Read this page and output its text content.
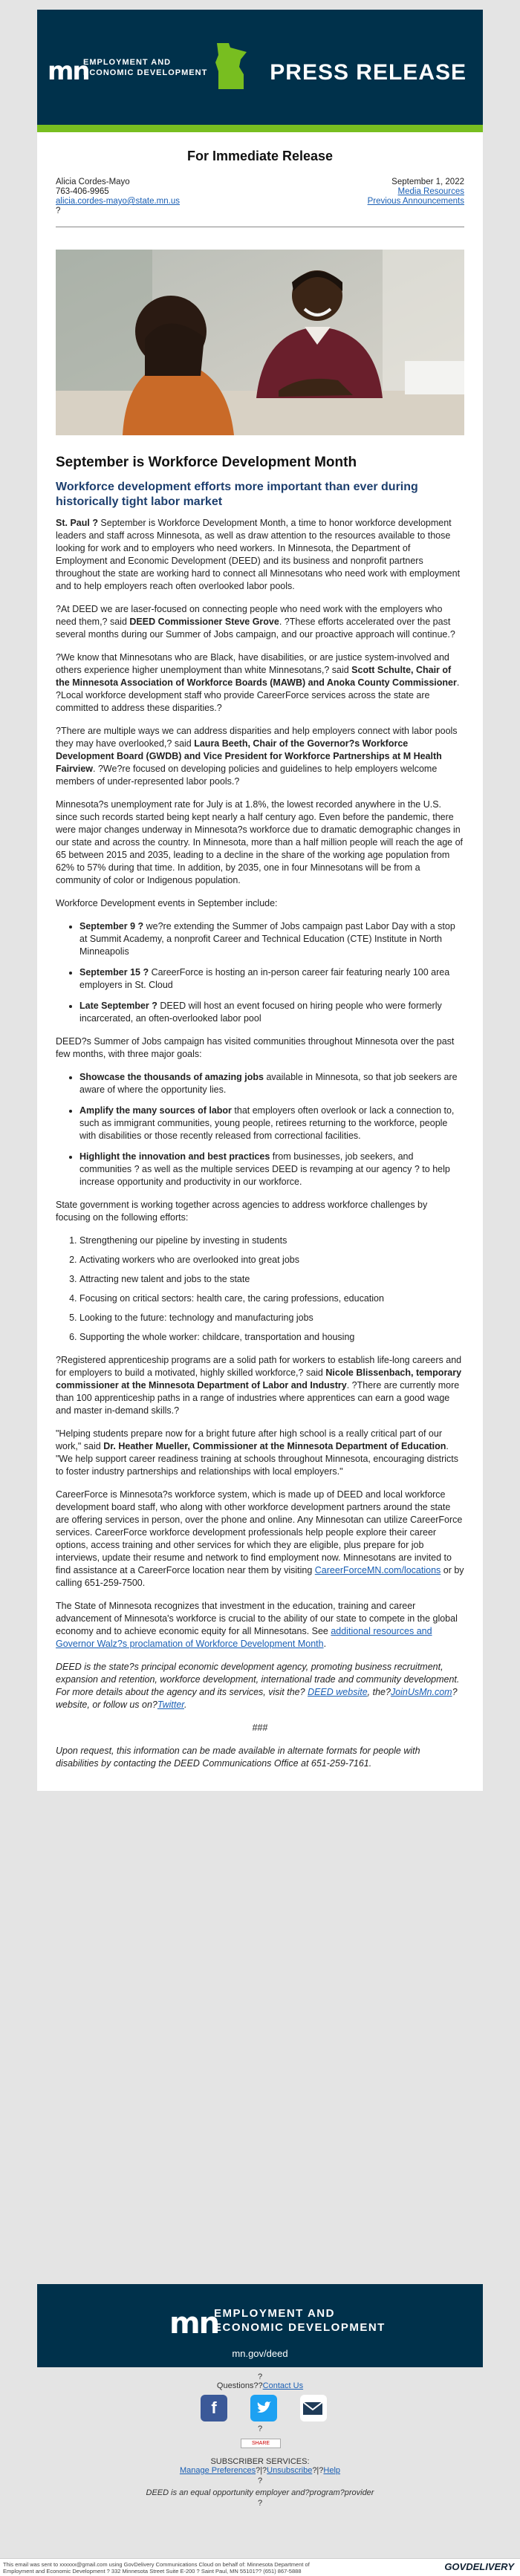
mn
EMPLOYMENT AND
ECONOMIC DEVELOPMENT	PRESS RELEASE
For Immediate Release
Alicia Cordes-Mayo
763-406-9965
alicia.cordes-mayo@state.mn.us
?
September 1, 2022
Media Resources
Previous Announcements
September is Workforce Development Month
Workforce development efforts more important than ever during historically tight labor market

St. Paul ? September is Workforce Development Month, a time to honor workforce development leaders and staff across Minnesota, as well as draw attention to the resources available to those looking for work and to employers who need workers. In Minnesota, the Department of Employment and Economic Development (DEED) and its business and nonprofit partners throughout the state are working hard to connect all Minnesotans who need work with employment and to help employers reach often overlooked labor pools.

?At DEED we are laser-focused on connecting people who need work with the employers who need them,? said DEED Commissioner Steve Grove. ?These efforts accelerated over the past several months during our Summer of Jobs campaign, and our proactive approach will continue.?

?We know that Minnesotans who are Black, have disabilities, or are justice system-involved and others experience higher unemployment than white Minnesotans,? said Scott Schulte, Chair of the Minnesota Association of Workforce Boards (MAWB) and Anoka County Commissioner. ?Local workforce development staff who provide CareerForce services across the state are committed to address these disparities.?

?There are multiple ways we can address disparities and help employers connect with labor pools they may have overlooked,? said Laura Beeth, Chair of the Governor?s Workforce Development Board (GWDB) and Vice President for Workforce Partnerships at M Health Fairview. ?We?re focused on developing policies and guidelines to help employers welcome members of under-represented labor pools.?

Minnesota?s unemployment rate for July is at 1.8%, the lowest recorded anywhere in the U.S. since such records started being kept nearly a half century ago. Even before the pandemic, there were major changes underway in Minnesota?s workforce due to dramatic demographic changes in our state and across the country. In Minnesota, more than a half million people will reach the age of 65 between 2015 and 2035, leading to a decline in the share of the working age population from 62% to 57% during that time. In addition, by 2035, one in four Minnesotans will be from a community of color or Indigenous population.

Workforce Development events in September include:

• September 9 ? we?re extending the Summer of Jobs campaign past Labor Day with a stop at Summit Academy, a nonprofit Career and Technical Education (CTE) Institute in North Minneapolis
• September 15 ? CareerForce is hosting an in-person career fair featuring nearly 100 area employers in St. Cloud
• Late September ? DEED will host an event focused on hiring people who were formerly incarcerated, an often-overlooked labor pool

DEED?s Summer of Jobs campaign has visited communities throughout Minnesota over the past few months, with three major goals:

• Showcase the thousands of amazing jobs available in Minnesota, so that job seekers are aware of where the opportunity lies.
• Amplify the many sources of labor that employers often overlook or lack a connection to, such as immigrant communities, young people, retirees returning to the workforce, people with disabilities or those recently released from correctional facilities.
• Highlight the innovation and best practices from businesses, job seekers, and communities ? as well as the multiple services DEED is revamping at our agency ? to help increase opportunity and productivity in our workforce.

State government is working together across agencies to address workforce challenges by focusing on the following efforts:

1. Strengthening our pipeline by investing in students
2. Activating workers who are overlooked into great jobs
3. Attracting new talent and jobs to the state
4. Focusing on critical sectors: health care, the caring professions, education
5. Looking to the future: technology and manufacturing jobs
6. Supporting the whole worker: childcare, transportation and housing

?Registered apprenticeship programs are a solid path for workers to establish life-long careers and for employers to build a motivated, highly skilled workforce,? said Nicole Blissenbach, temporary commissioner at the Minnesota Department of Labor and Industry. ?There are currently more than 100 apprenticeship paths in a range of industries where apprentices can earn a good wage and master in-demand skills.?

"Helping students prepare now for a bright future after high school is a really critical part of our work," said Dr. Heather Mueller, Commissioner at the Minnesota Department of Education. "We help support career readiness training at schools throughout Minnesota, encouraging districts to foster industry partnerships and relationships with local employers."

CareerForce is Minnesota?s workforce system, which is made up of DEED and local workforce development board staff, who along with other workforce development partners around the state are offering services in person, over the phone and online. Any Minnesotan can utilize CareerForce services. CareerForce workforce development professionals help people explore their career options, access training and other services for which they are eligible, plus prepare for job interviews, update their resume and network to find employment now. Minnesotans are invited to find assistance at a CareerForce location near them by visiting CareerForceMN.com/locations or by calling 651-259-7500.

The State of Minnesota recognizes that investment in the education, training and career advancement of Minnesota's workforce is crucial to the ability of our state to compete in the global economy and to achieve economic equity for all Minnesotans. See additional resources and Governor Walz?s proclamation of Workforce Development Month.

DEED is the state?s principal economic development agency, promoting business recruitment, expansion and retention, workforce development, international trade and community development. For more details about the agency and its services, visit the? DEED website, the?JoinUsMn.com?website, or follow us on?Twitter.

###

Upon request, this information can be made available in alternate formats for people with disabilities by contacting the DEED Communications Office at 651-259-7161.

mn
EMPLOYMENT AND
ECONOMIC DEVELOPMENT
mn.gov/deed
?
Questions??Contact Us
f
?
SHARE
SUBSCRIBER SERVICES:
Manage Preferences?|?Unsubscribe?|?Help
?
DEED is an equal opportunity employer and?program?provider
?
This email was sent to xxxxxx@gmail.com using GovDelivery Communications Cloud on behalf of: Minnesota Department of
Employment and Economic Development ? 332 Minnesota Street Suite E-200 ? Saint Paul, MN 55101?? (651) 867-5888	GOVDELIVERY
